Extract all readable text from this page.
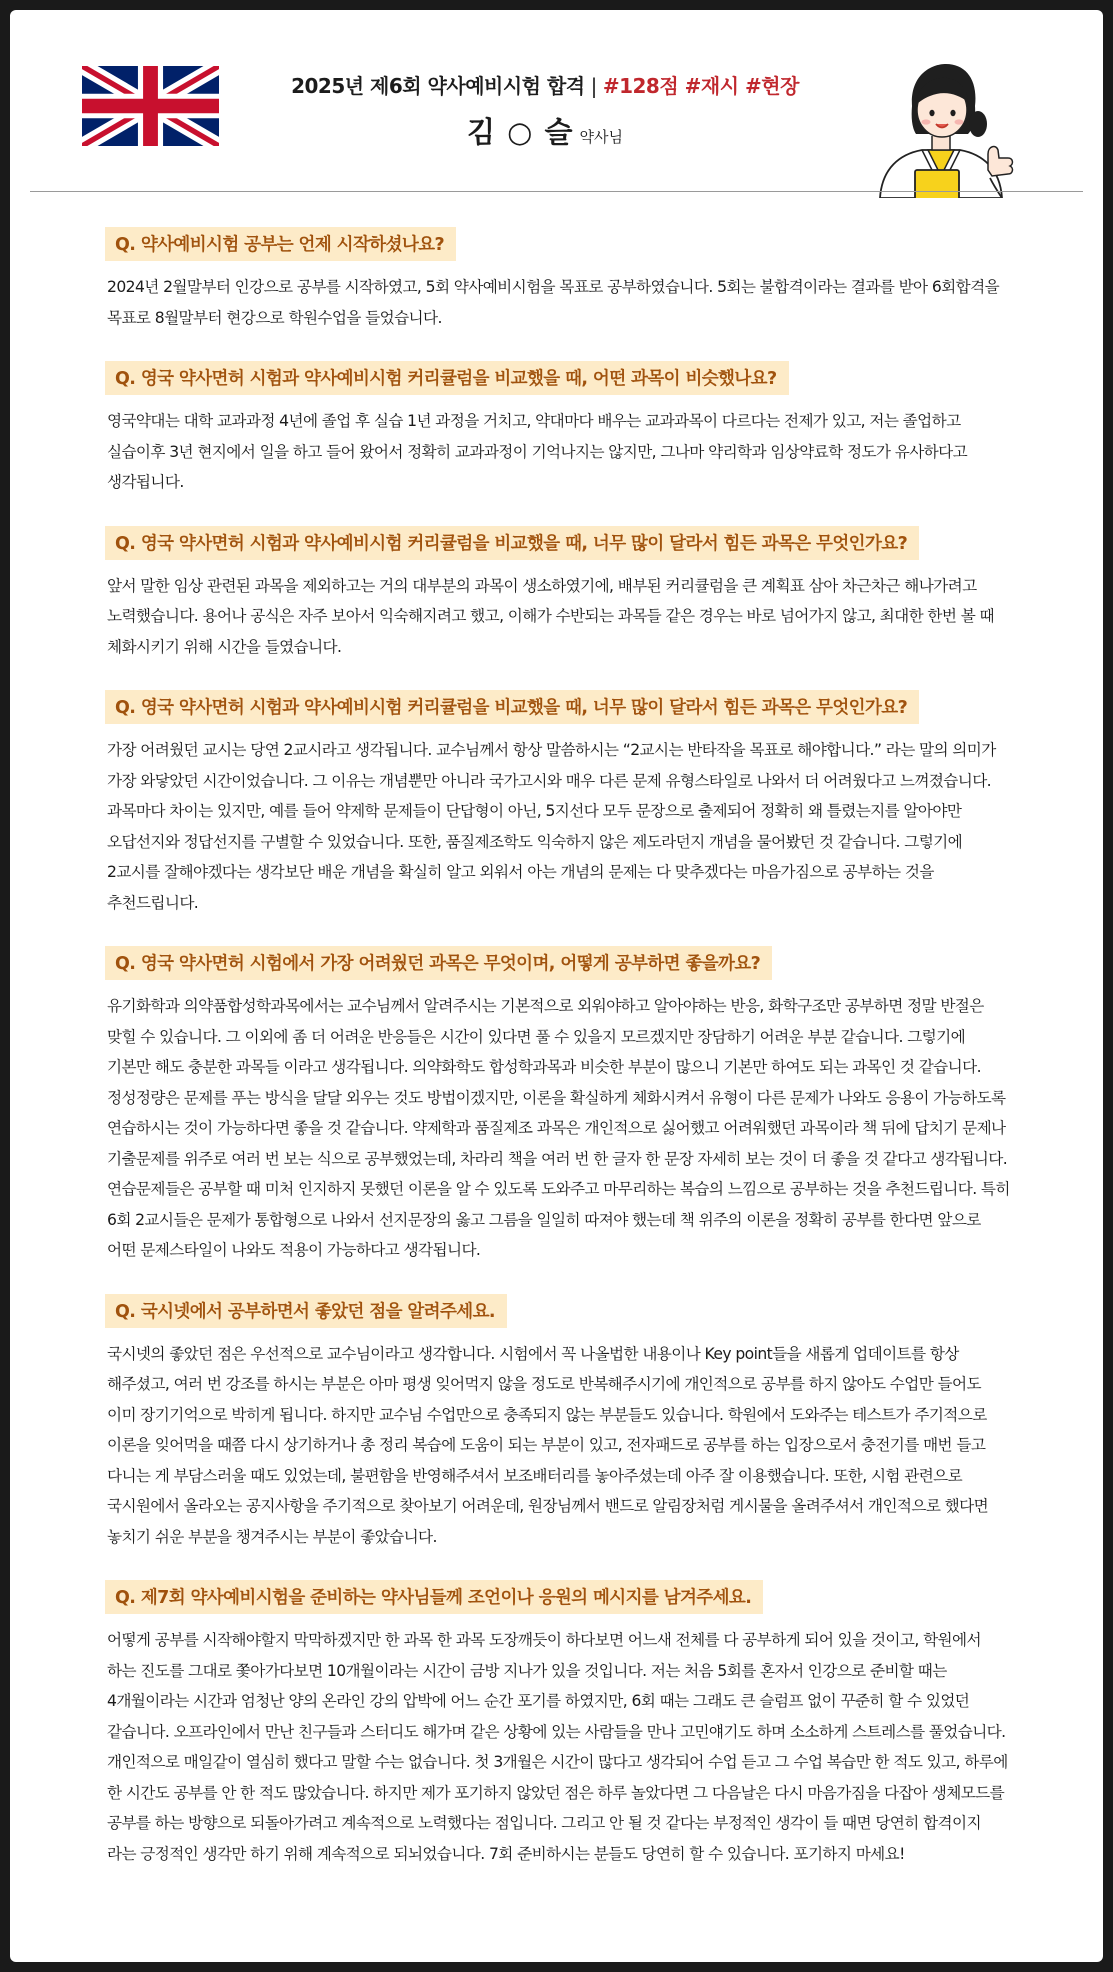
2025년 제6회 약사예비시험 합격 | #128점 #재시 #현장
김 ○ 슬 약사님
Q. 약사예비시험 공부는 언제 시작하셨나요?

2024년 2월말부터 인강으로 공부를 시작하였고, 5회 약사예비시험을 목표로 공부하였습니다. 5회는 불합격이라는 결과를 받아 6회합격을 목표로 8월말부터 현강으로 학원수업을 들었습니다.

Q. 영국 약사면허 시험과 약사예비시험 커리큘럼을 비교했을 때, 어떤 과목이 비슷했나요?

영국약대는 대학 교과과정 4년에 졸업 후 실습 1년 과정을 거치고, 약대마다 배우는 교과과목이 다르다는 전제가 있고, 저는 졸업하고 실습이후 3년 현지에서 일을 하고 들어 왔어서 정확히 교과과정이 기억나지는 않지만, 그나마 약리학과 임상약료학 정도가 유사하다고 생각됩니다.

Q. 영국 약사면허 시험과 약사예비시험 커리큘럼을 비교했을 때, 너무 많이 달라서 힘든 과목은 무엇인가요?

앞서 말한 임상 관련된 과목을 제외하고는 거의 대부분의 과목이 생소하였기에, 배부된 커리큘럼을 큰 계획표 삼아 차근차근 해나가려고 노력했습니다. 용어나 공식은 자주 보아서 익숙해지려고 했고, 이해가 수반되는 과목들 같은 경우는 바로 넘어가지 않고, 최대한 한번 볼 때 체화시키기 위해 시간을 들였습니다.

Q. 영국 약사면허 시험과 약사예비시험 커리큘럼을 비교했을 때, 너무 많이 달라서 힘든 과목은 무엇인가요?

가장 어려웠던 교시는 당연 2교시라고 생각됩니다. 교수님께서 항상 말씀하시는 “2교시는 반타작을 목표로 해야합니다.” 라는 말의 의미가 가장 와닿았던 시간이었습니다. 그 이유는 개념뿐만 아니라 국가고시와 매우 다른 문제 유형스타일로 나와서 더 어려웠다고 느껴졌습니다. 과목마다 차이는 있지만, 예를 들어 약제학 문제들이 단답형이 아닌, 5지선다 모두 문장으로 출제되어 정확히 왜 틀렸는지를 알아야만 오답선지와 정답선지를 구별할 수 있었습니다. 또한, 품질제조학도 익숙하지 않은 제도라던지 개념을 물어봤던 것 같습니다. 그렇기에 2교시를 잘해야겠다는 생각보단 배운 개념을 확실히 알고 외워서 아는 개념의 문제는 다 맞추겠다는 마음가짐으로 공부하는 것을 추천드립니다.

Q. 영국 약사면허 시험에서 가장 어려웠던 과목은 무엇이며, 어떻게 공부하면 좋을까요?

유기화학과 의약품합성학과목에서는 교수님께서 알려주시는 기본적으로 외워야하고 알아야하는 반응, 화학구조만 공부하면 정말 반절은 맞힐 수 있습니다. 그 이외에 좀 더 어려운 반응들은 시간이 있다면 풀 수 있을지 모르겠지만 장담하기 어려운 부분 같습니다. 그렇기에 기본만 해도 충분한 과목들 이라고 생각됩니다. 의약화학도 합성학과목과 비슷한 부분이 많으니 기본만 하여도 되는 과목인 것 같습니다. 정성정량은 문제를 푸는 방식을 달달 외우는 것도 방법이겠지만, 이론을 확실하게 체화시켜서 유형이 다른 문제가 나와도 응용이 가능하도록 연습하시는 것이 가능하다면 좋을 것 같습니다. 약제학과 품질제조 과목은 개인적으로 싫어했고 어려워했던 과목이라 책 뒤에 답치기 문제나 기출문제를 위주로 여러 번 보는 식으로 공부했었는데, 차라리 책을 여러 번 한 글자 한 문장 자세히 보는 것이 더 좋을 것 같다고 생각됩니다. 연습문제들은 공부할 때 미처 인지하지 못했던 이론을 알 수 있도록 도와주고 마무리하는 복습의 느낌으로 공부하는 것을 추천드립니다. 특히 6회 2교시들은 문제가 통합형으로 나와서 선지문장의 옳고 그름을 일일히 따져야 했는데 책 위주의 이론을 정확히 공부를 한다면 앞으로 어떤 문제스타일이 나와도 적용이 가능하다고 생각됩니다.

Q. 국시넷에서 공부하면서 좋았던 점을 알려주세요.

국시넷의 좋았던 점은 우선적으로 교수님이라고 생각합니다. 시험에서 꼭 나올법한 내용이나 Key point들을 새롭게 업데이트를 항상 해주셨고, 여러 번 강조를 하시는 부분은 아마 평생 잊어먹지 않을 정도로 반복해주시기에 개인적으로 공부를 하지 않아도 수업만 들어도 이미 장기기억으로 박히게 됩니다. 하지만 교수님 수업만으로 충족되지 않는 부분들도 있습니다. 학원에서 도와주는 테스트가 주기적으로 이론을 잊어먹을 때쯤 다시 상기하거나 총 정리 복습에 도움이 되는 부분이 있고, 전자패드로 공부를 하는 입장으로서 충전기를 매번 들고 다니는 게 부담스러울 때도 있었는데, 불편함을 반영해주셔서 보조배터리를 놓아주셨는데 아주 잘 이용했습니다. 또한, 시험 관련으로 국시원에서 올라오는 공지사항을 주기적으로 찾아보기 어려운데, 원장님께서 밴드로 알림장처럼 게시물을 올려주셔서 개인적으로 했다면 놓치기 쉬운 부분을 챙겨주시는 부분이 좋았습니다.

Q. 제7회 약사예비시험을 준비하는 약사님들께 조언이나 응원의 메시지를 남겨주세요.

어떻게 공부를 시작해야할지 막막하겠지만 한 과목 한 과목 도장깨듯이 하다보면 어느새 전체를 다 공부하게 되어 있을 것이고, 학원에서 하는 진도를 그대로 쫓아가다보면 10개월이라는 시간이 금방 지나가 있을 것입니다. 저는 처음 5회를 혼자서 인강으로 준비할 때는 4개월이라는 시간과 엄청난 양의 온라인 강의 압박에 어느 순간 포기를 하였지만, 6회 때는 그래도 큰 슬럼프 없이 꾸준히 할 수 있었던 같습니다. 오프라인에서 만난 친구들과 스터디도 해가며 같은 상황에 있는 사람들을 만나 고민얘기도 하며 소소하게 스트레스를 풀었습니다. 개인적으로 매일같이 열심히 했다고 말할 수는 없습니다. 첫 3개월은 시간이 많다고 생각되어 수업 듣고 그 수업 복습만 한 적도 있고, 하루에 한 시간도 공부를 안 한 적도 많았습니다. 하지만 제가 포기하지 않았던 점은 하루 놀았다면 그 다음날은 다시 마음가짐을 다잡아 생체모드를 공부를 하는 방향으로 되돌아가려고 계속적으로 노력했다는 점입니다. 그리고 안 될 것 같다는 부정적인 생각이 들 때면 당연히 합격이지 라는 긍정적인 생각만 하기 위해 계속적으로 되뇌었습니다. 7회 준비하시는 분들도 당연히 할 수 있습니다. 포기하지 마세요!
